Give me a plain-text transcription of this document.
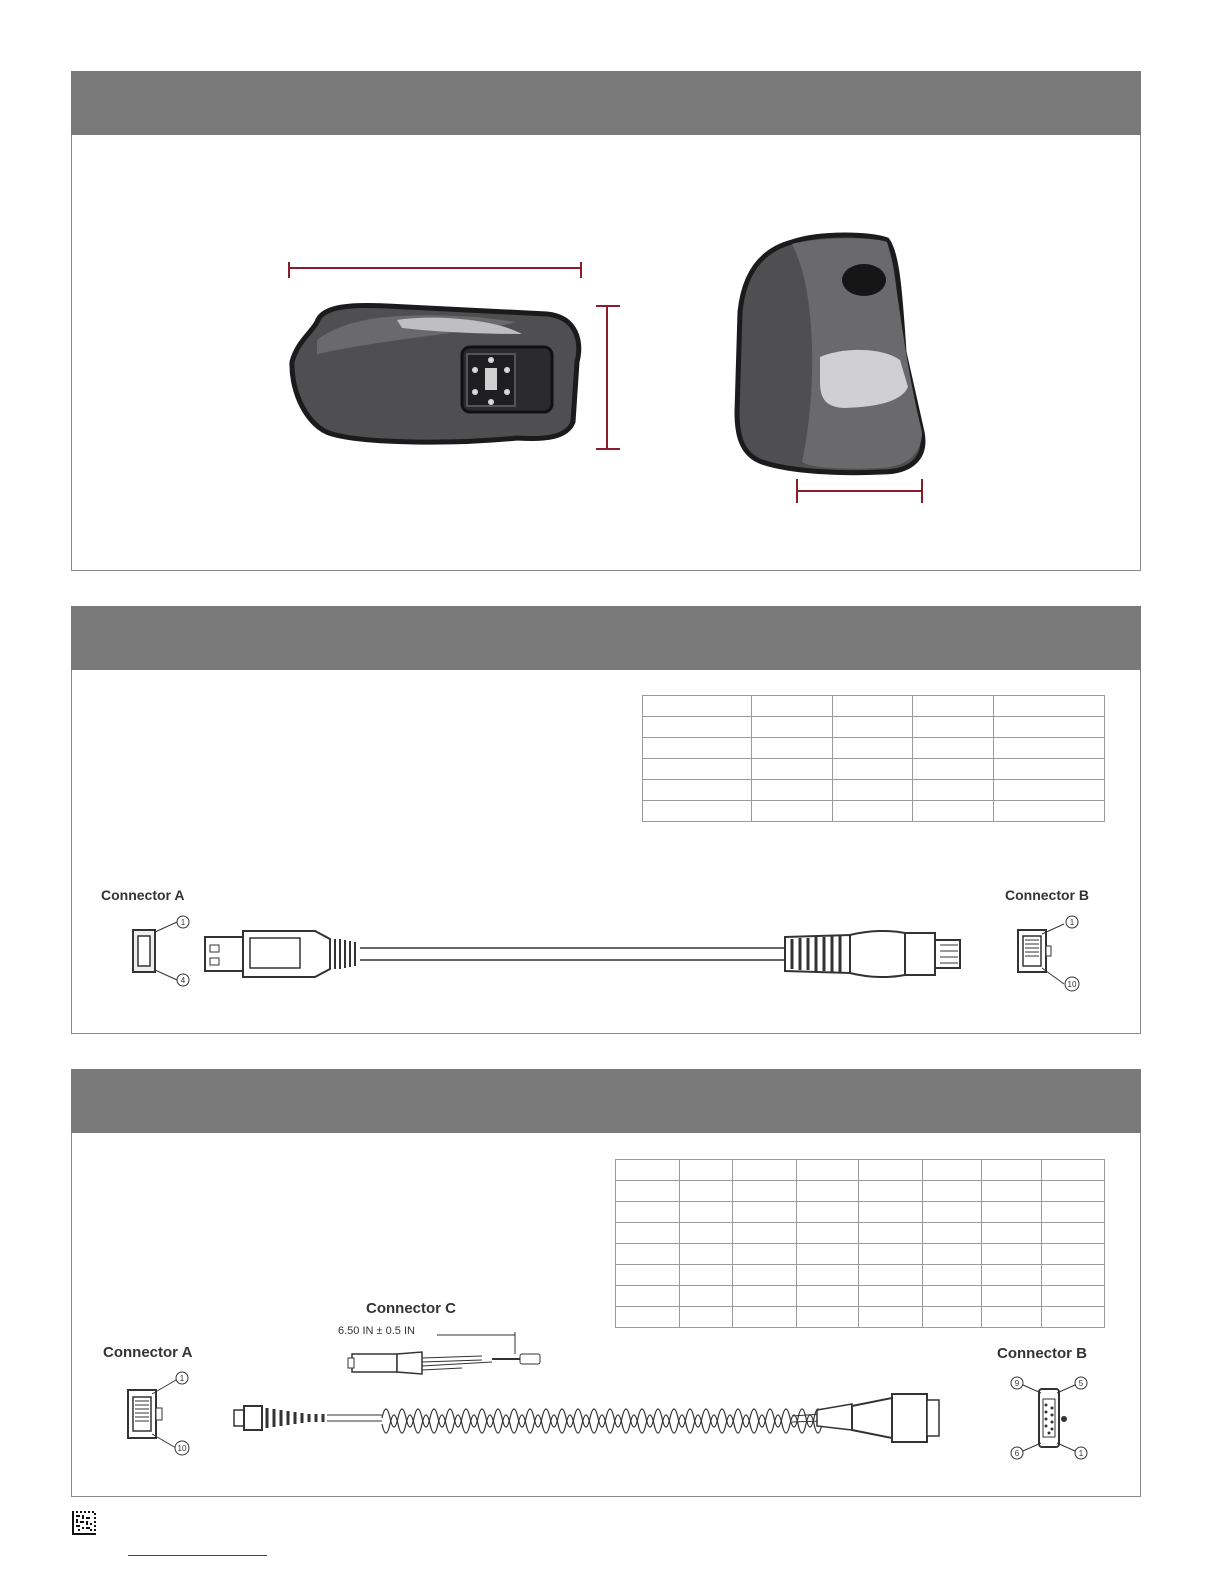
Connector A	Connector B
1
4
1
10

Connector C
6.50 IN ± 0.5 IN
Connector A	Connector B
1
10
9	5
6	1
